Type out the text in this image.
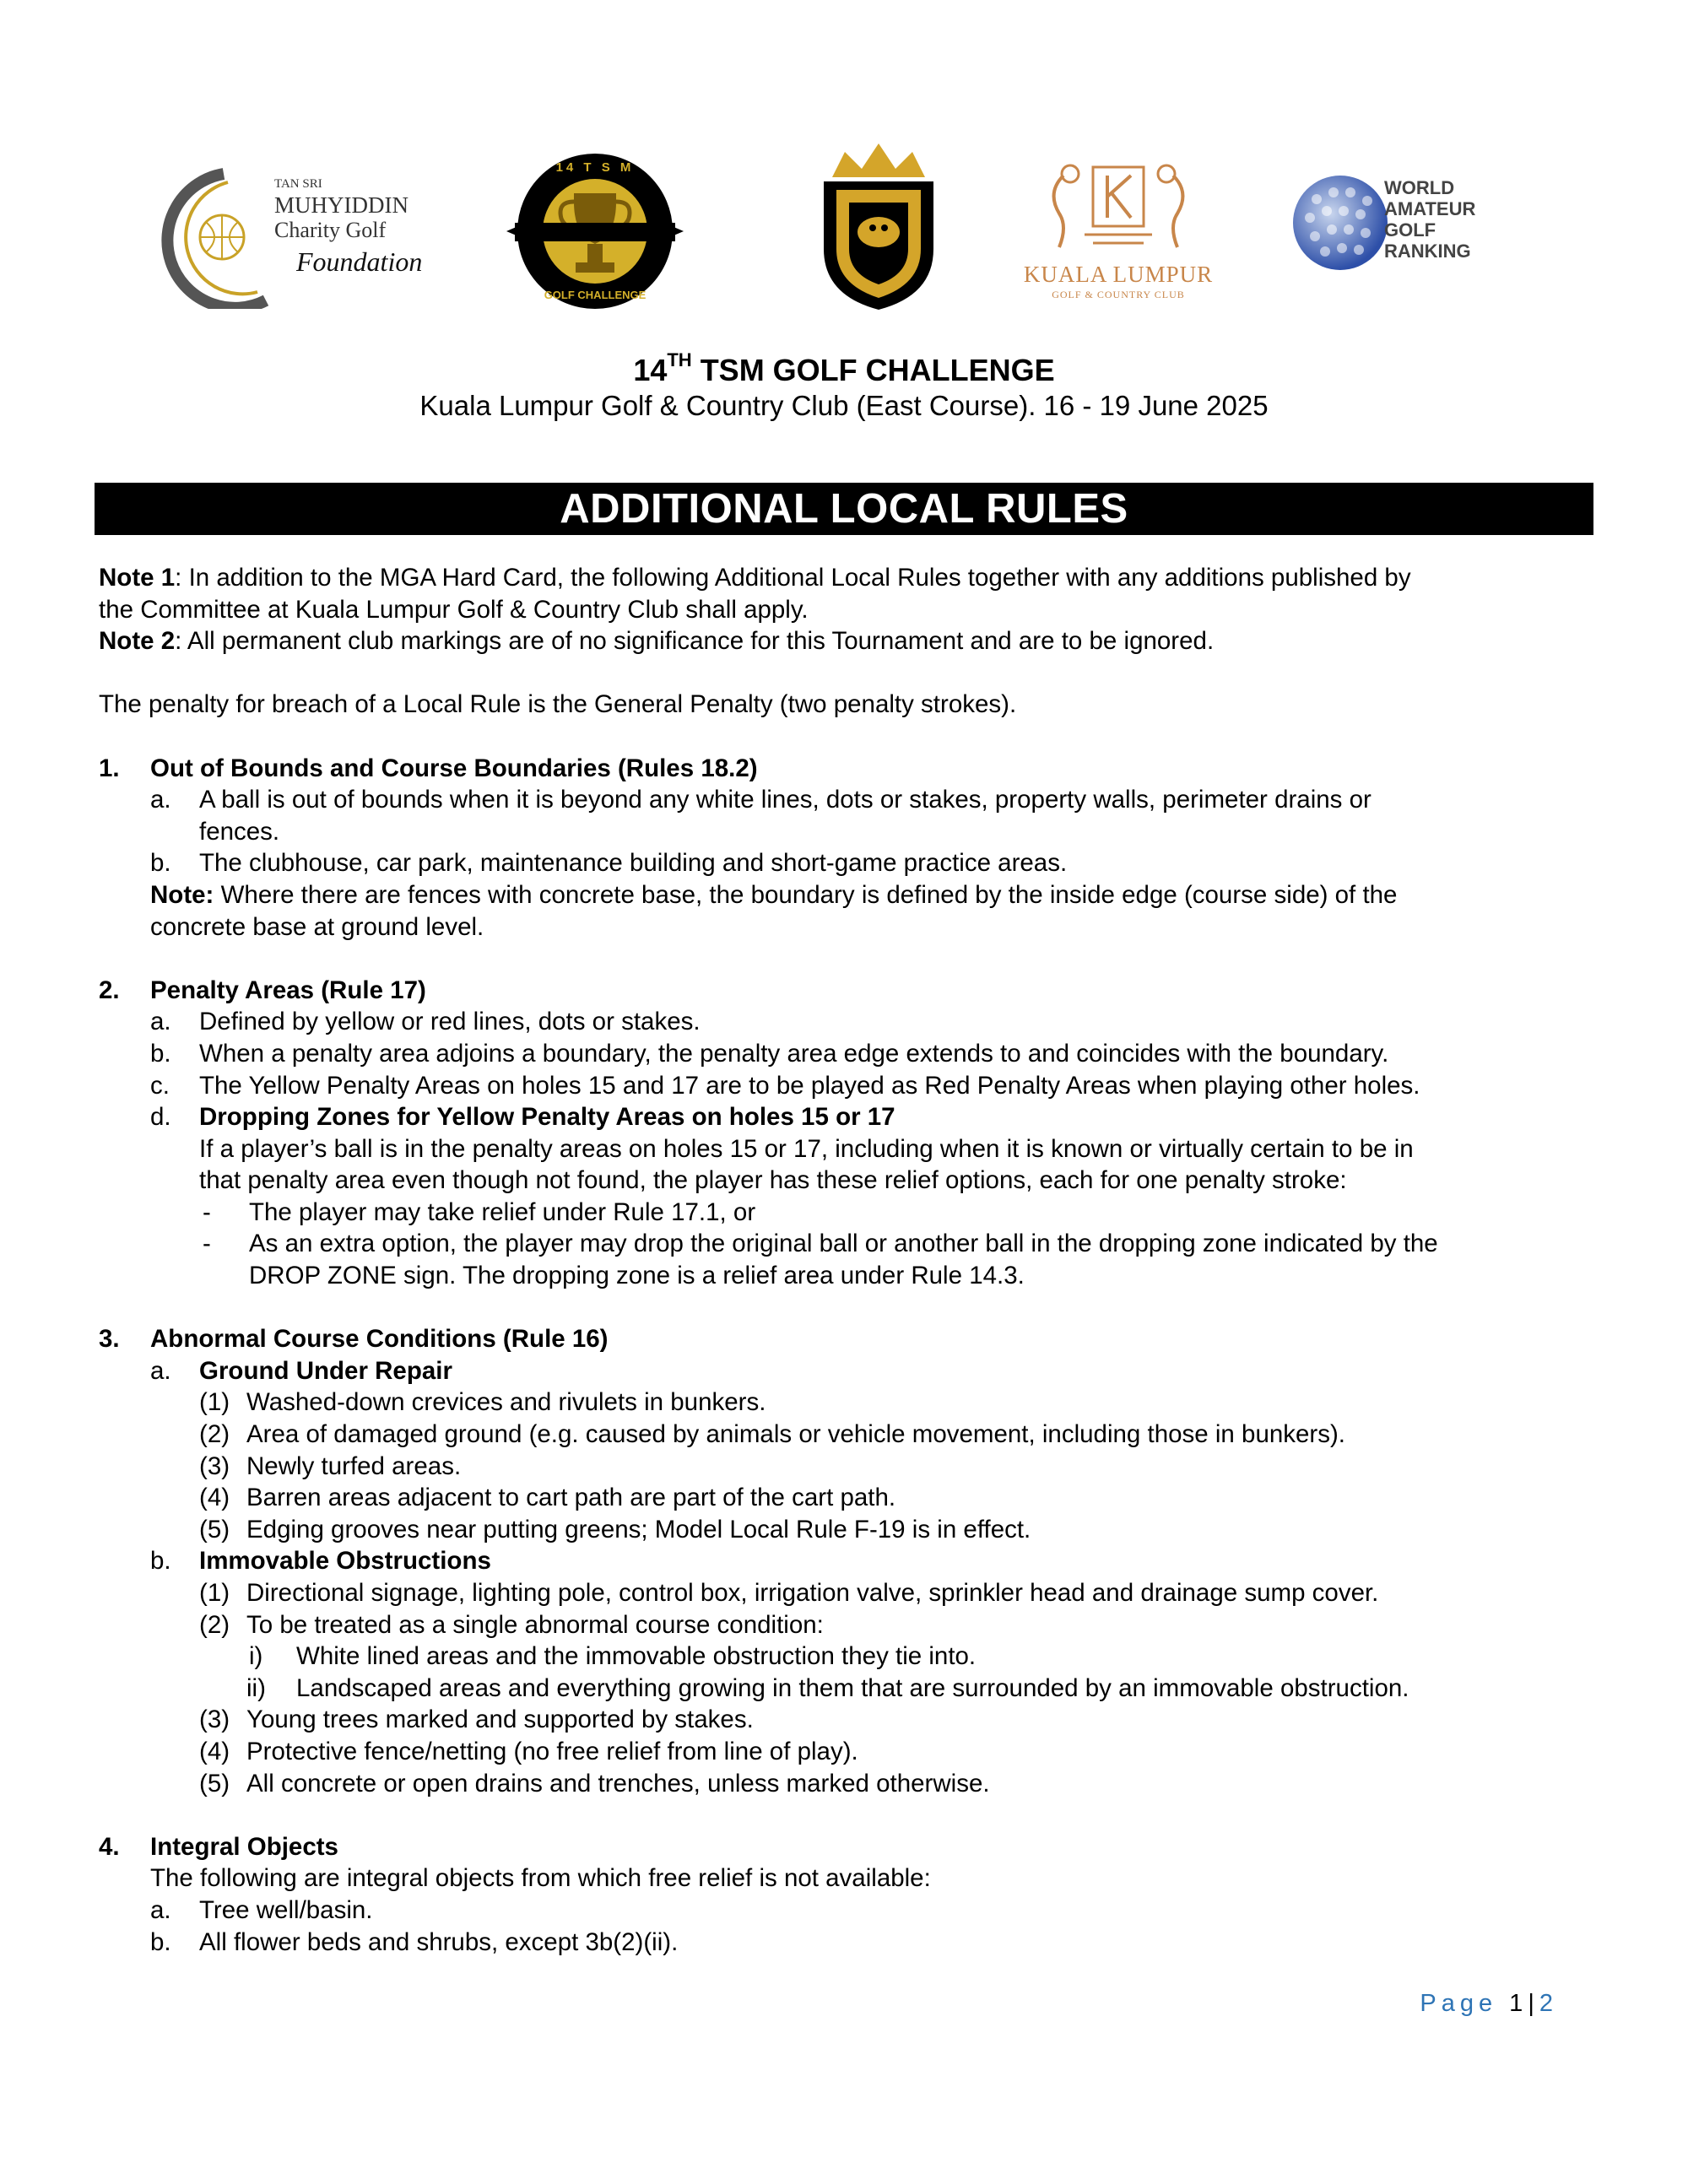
TAN SRI
MUHYIDDIN
Charity Golf
Foundation
14 T S M
GOLF CHALLENGE
KUALA LUMPUR
GOLF & COUNTRY CLUB
WORLD
AMATEUR
GOLF
RANKING
14TH TSM GOLF CHALLENGE
Kuala Lumpur Golf & Country Club (East Course). 16 - 19 June 2025
ADDITIONAL LOCAL RULES

Note 1: In addition to the MGA Hard Card, the following Additional Local Rules together with any additions published by

the Committee at Kuala Lumpur Golf & Country Club shall apply.

Note 2: All permanent club markings are of no significance for this Tournament and are to be ignored.

The penalty for breach of a Local Rule is the General Penalty (two penalty strokes).

1.	Out of Bounds and Course Boundaries (Rules 18.2)

a.	A ball is out of bounds when it is beyond any white lines, dots or stakes, property walls, perimeter drains or

fences.

b.	The clubhouse, car park, maintenance building and short-game practice areas.

Note: Where there are fences with concrete base, the boundary is defined by the inside edge (course side) of the

concrete base at ground level.

2.	Penalty Areas (Rule 17)

a.	Defined by yellow or red lines, dots or stakes.

b.	When a penalty area adjoins a boundary, the penalty area edge extends to and coincides with the boundary.

c.	The Yellow Penalty Areas on holes 15 and 17 are to be played as Red Penalty Areas when playing other holes.

d.	Dropping Zones for Yellow Penalty Areas on holes 15 or 17

If a player’s ball is in the penalty areas on holes 15 or 17, including when it is known or virtually certain to be in

that penalty area even though not found, the player has these relief options, each for one penalty stroke:

-	The player may take relief under Rule 17.1, or

-	As an extra option, the player may drop the original ball or another ball in the dropping zone indicated by the

DROP ZONE sign. The dropping zone is a relief area under Rule 14.3.

3.	Abnormal Course Conditions (Rule 16)

a.	Ground Under Repair

(1) Washed-down crevices and rivulets in bunkers.

(2) Area of damaged ground (e.g. caused by animals or vehicle movement, including those in bunkers).

(3) Newly turfed areas.

(4) Barren areas adjacent to cart path are part of the cart path.

(5) Edging grooves near putting greens; Model Local Rule F-19 is in effect.

b.	Immovable Obstructions

(1) Directional signage, lighting pole, control box, irrigation valve, sprinkler head and drainage sump cover.

(2) To be treated as a single abnormal course condition:

i)	White lined areas and the immovable obstruction they tie into.

ii)	Landscaped areas and everything growing in them that are surrounded by an immovable obstruction.

(3) Young trees marked and supported by stakes.

(4) Protective fence/netting (no free relief from line of play).

(5) All concrete or open drains and trenches, unless marked otherwise.

4.	Integral Objects

The following are integral objects from which free relief is not available:

a.	Tree well/basin.

b.	All flower beds and shrubs, except 3b(2)(ii).

Page 1|2
